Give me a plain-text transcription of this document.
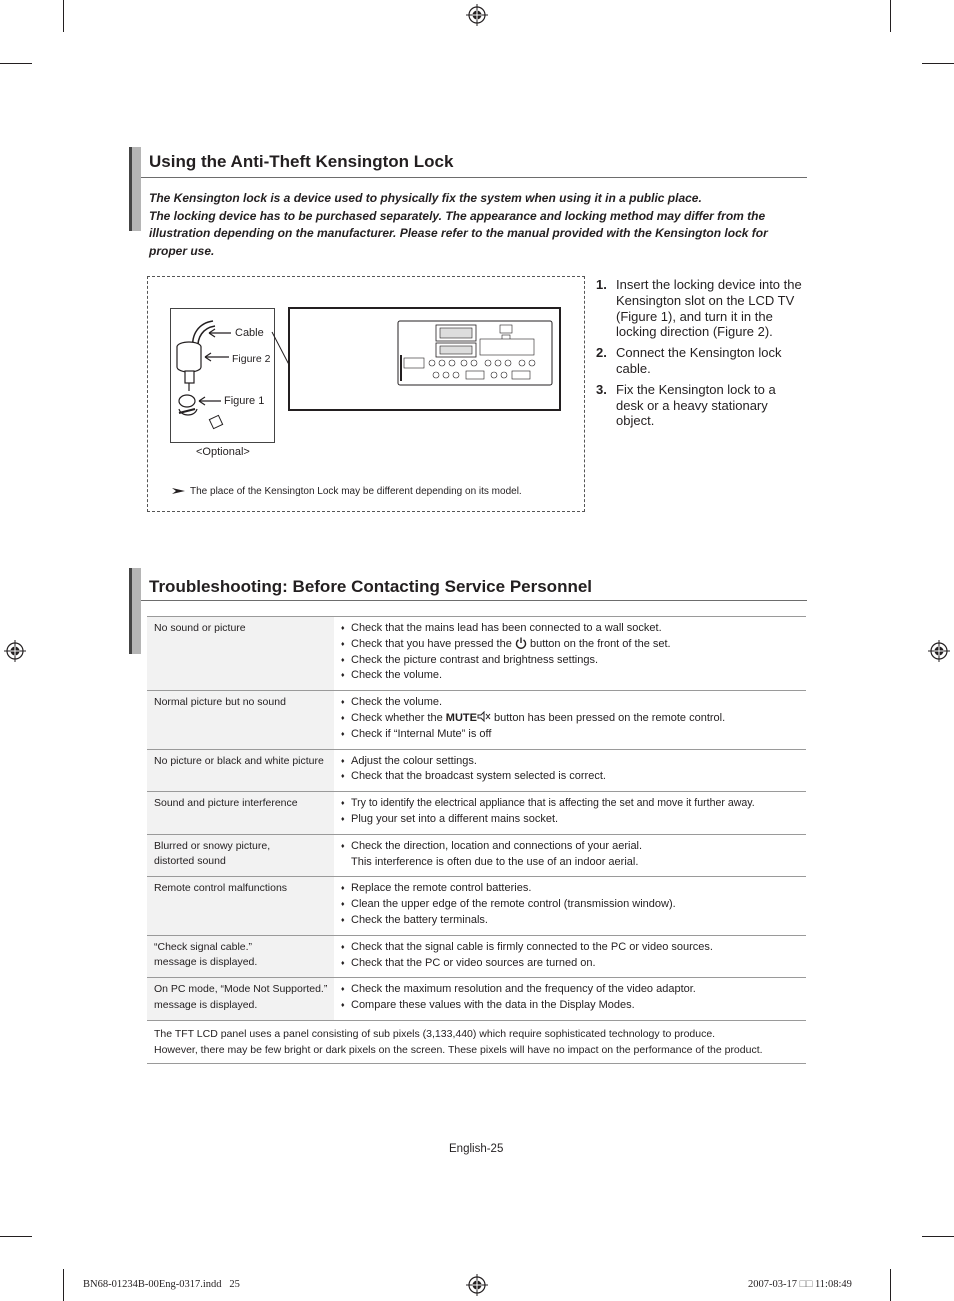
Using the Anti-Theft Kensington Lock

The Kensington lock is a device used to physically fix the system when using it in a public place.

The locking device has to be purchased separately. The appearance and locking method may differ from the illustration depending on the manufacturer. Please refer to the manual provided with the Kensington lock for proper use.

Cable
Figure 2
Figure 1
<Optional>
The place of the Kensington Lock may be different depending on its model.
1. Insert the locking device into the Kensington slot on the LCD TV (Figure 1), and turn it in the locking direction (Figure 2).
2. Connect the Kensington lock cable.
3. Fix the Kensington lock to a desk or a heavy stationary object.
Troubleshooting: Before Contacting Service Personnel
No sound or picture	♦ Check that the mains lead has been connected to a wall socket.
♦ Check that you have pressed the button on the front of the set.
♦ Check the picture contrast and brightness settings.
♦ Check the volume.

Normal picture but no sound	♦ Check the volume.
♦ Check whether the MUTE button has been pressed on the remote control.
♦ Check if “Internal Mute” is off

No picture or black and white picture	♦ Adjust the colour settings.
♦ Check that the broadcast system selected is correct.

Sound and picture interference	♦ Try to identify the electrical appliance that is affecting the set and move it further away.
♦ Plug your set into a different mains socket.

Blurred or snowy picture,
distorted sound	♦ Check the direction, location and connections of your aerial.
This interference is often due to the use of an indoor aerial.

Remote control malfunctions	♦ Replace the remote control batteries.
♦ Clean the upper edge of the remote control (transmission window).
♦ Check the battery terminals.

“Check signal cable.”
message is displayed.	♦ Check that the signal cable is firmly connected to the PC or video sources.
♦ Check that the PC or video sources are turned on.

On PC mode, “Mode Not Supported.”
message is displayed.	♦ Check the maximum resolution and the frequency of the video adaptor.
♦ Compare these values with the data in the Display Modes.

The TFT LCD panel uses a panel consisting of sub pixels (3,133,440) which require sophisticated technology to produce.
However, there may be few bright or dark pixels on the screen. These pixels will have no impact on the performance of the product.	
English-25
BN68-01234B-00Eng-0317.indd   25	2007-03-17 □□ 11:08:49
